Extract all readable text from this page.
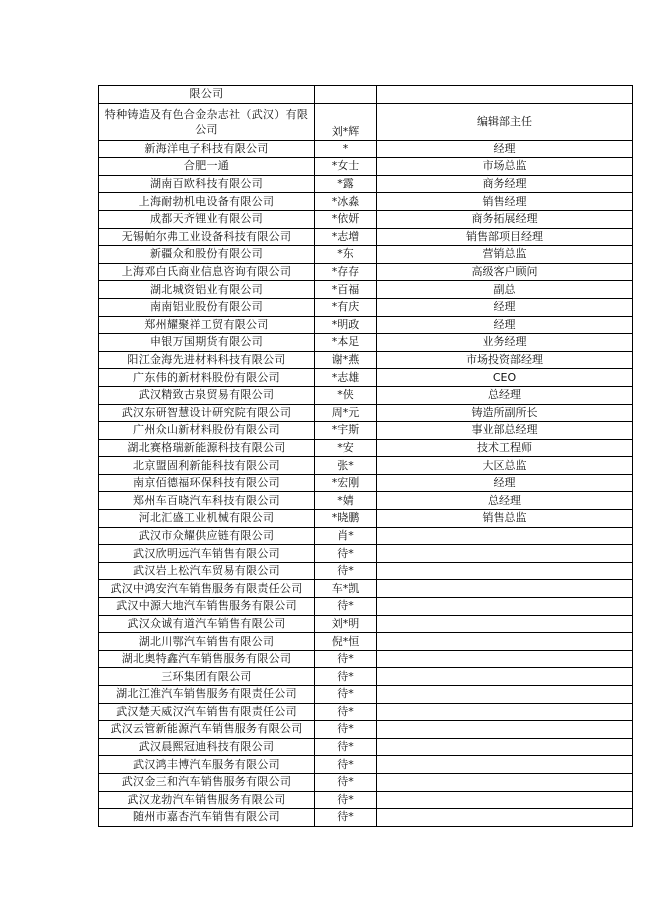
限公司		
特种铸造及有色合金杂志社（武汉）有限公司	刘*辉	编辑部主任
新海洋电子科技有限公司	*	经理
合肥一通	*女士	市场总监
湖南百欧科技有限公司	*露	商务经理
上海耐勃机电设备有限公司	*冰淼	销售经理
成都天齐锂业有限公司	*依妍	商务拓展经理
无锡帕尔弗工业设备科技有限公司	*志增	销售部项目经理
新疆众和股份有限公司	*东	营销总监
上海邓白氏商业信息咨询有限公司	*存存	高级客户顾问
湖北城资铝业有限公司	*百福	副总
南南铝业股份有限公司	*有庆	经理
郑州耀聚祥工贸有限公司	*明政	经理
申银万国期货有限公司	*本足	业务经理
阳江金海先进材料科技有限公司	谢*燕	市场投资部经理
广东伟的新材料股份有限公司	*志雄	CEO
武汉精致古泉贸易有限公司	*侠	总经理
武汉东研智慧设计研究院有限公司	周*元	铸造所副所长
广州众山新材料股份有限公司	*宇斯	事业部总经理
湖北赛格瑞新能源科技有限公司	*安	技术工程师
北京盟固利新能科技有限公司	张*	大区总监
南京佰德福环保科技有限公司	*宏刚	经理
郑州车百晓汽车科技有限公司	*婧	总经理
河北汇盛工业机械有限公司	*晓鹏	销售总监
武汉市众耀供应链有限公司	肖*	
武汉欣明远汽车销售有限公司	待*	
武汉岩上松汽车贸易有限公司	待*	
武汉中鸿安汽车销售服务有限责任公司	车*凯	
武汉中源大地汽车销售服务有限公司	待*	
武汉众诚有道汽车销售有限公司	刘*明	
湖北川鄂汽车销售有限公司	倪*恒	
湖北奥特鑫汽车销售服务有限公司	待*	
三环集团有限公司	待*	
湖北江淮汽车销售服务有限责任公司	待*	
武汉楚天威汉汽车销售有限责任公司	待*	
武汉云管新能源汽车销售服务有限公司	待*	
武汉晨熙冠迪科技有限公司	待*	
武汉鸿丰博汽车服务有限公司	待*	
武汉金三和汽车销售服务有限公司	待*	
武汉龙勃汽车销售服务有限公司	待*	
随州市嘉杏汽车销售有限公司	待*	
